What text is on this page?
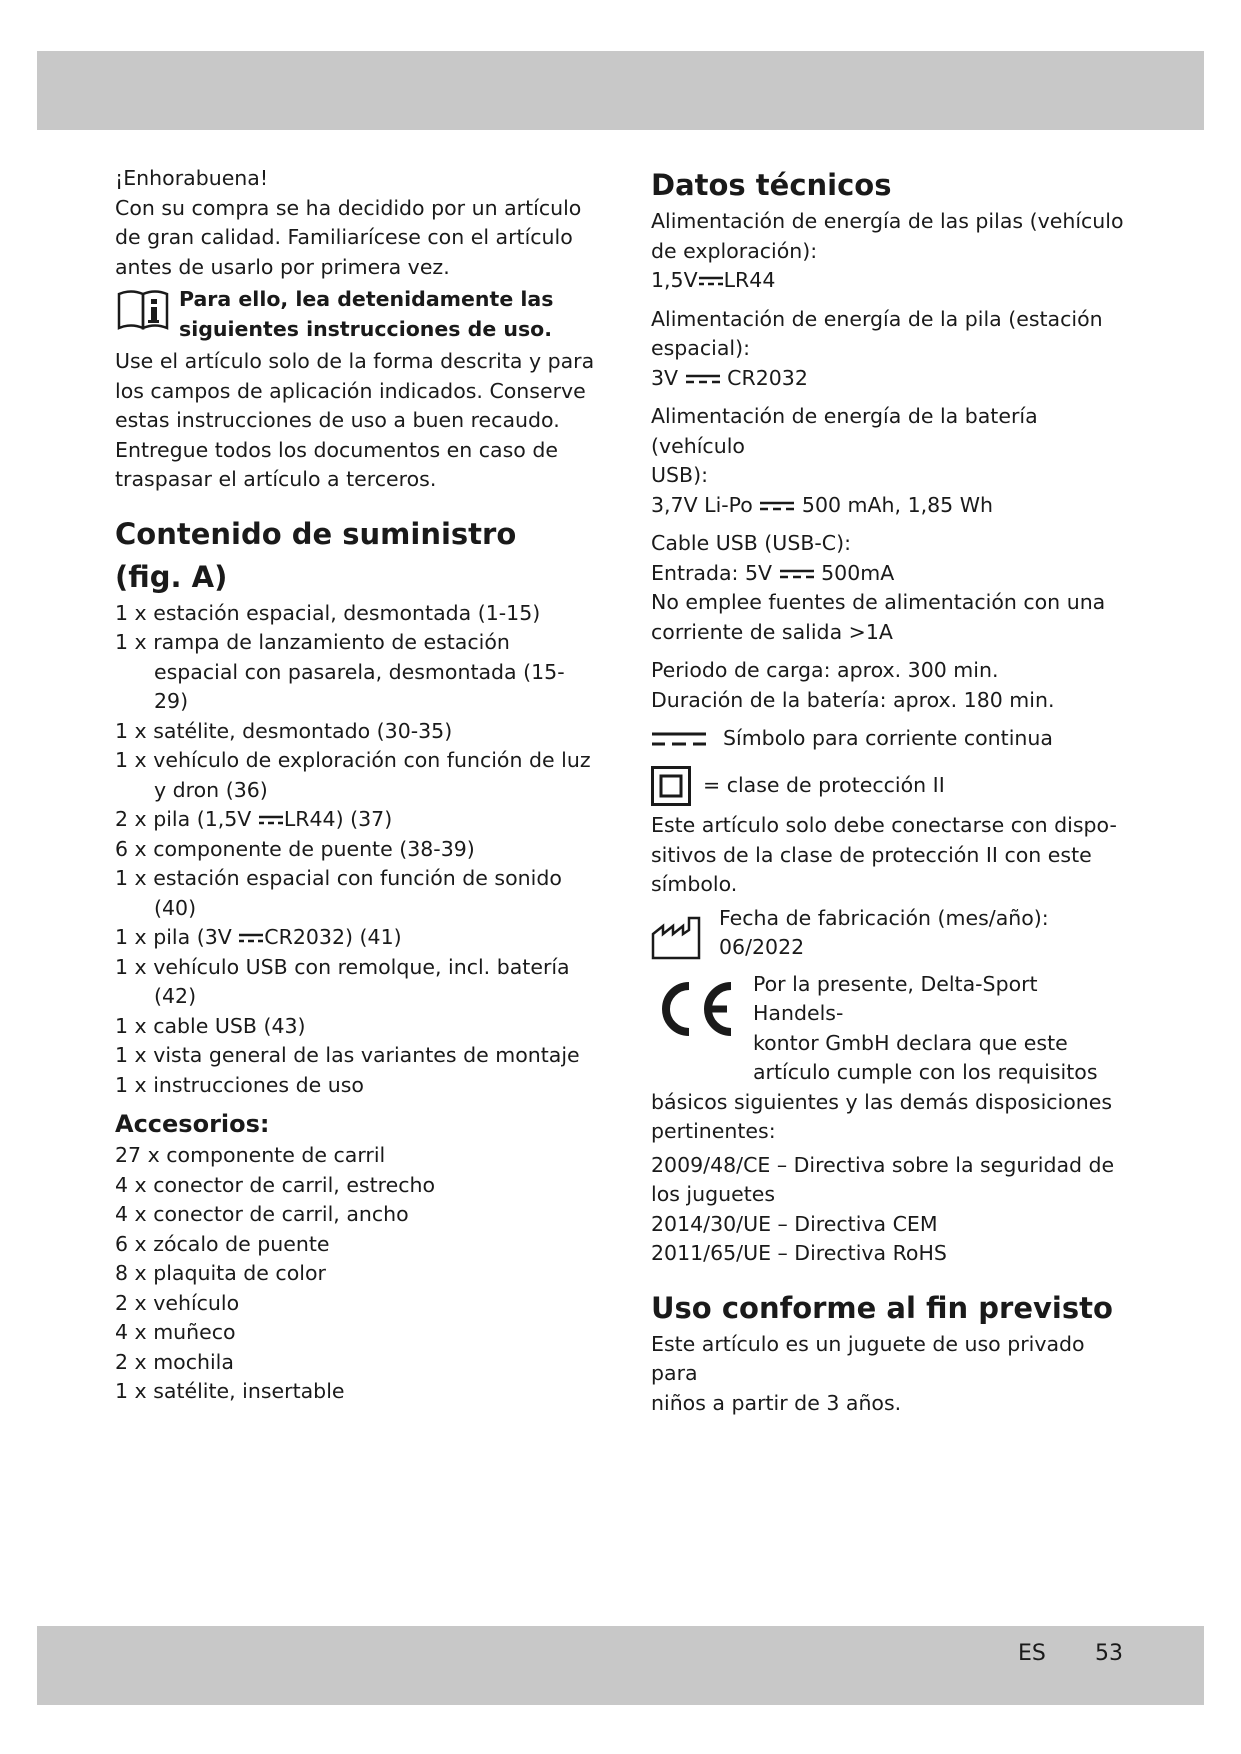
¡Enhorabuena!

Con su compra se ha decidido por un artículo

de gran calidad. Familiarícese con el artículo

antes de usarlo por primera vez.

Para ello, lea detenidamente las
siguientes instrucciones de uso.

Use el artículo solo de la forma descrita y para

los campos de aplicación indicados. Conserve

estas instrucciones de uso a buen recaudo.

Entregue todos los documentos en caso de

traspasar el artículo a terceros.

Contenido de suministro

(fig. A)

1 x estación espacial, desmontada (1-15)

1 x rampa de lanzamiento de estación espacial con pasarela, desmontada (15-29)

1 x satélite, desmontado (30-35)

1 x vehículo de exploración con función de luz y dron (36)

2 x pila (1,5V LR44) (37)

6 x componente de puente (38-39)

1 x estación espacial con función de sonido (40)

1 x pila (3V CR2032) (41)

1 x vehículo USB con remolque, incl. batería (42)

1 x cable USB (43)

1 x vista general de las variantes de montaje

1 x instrucciones de uso

Accesorios:

27 x componente de carril

4 x conector de carril, estrecho

4 x conector de carril, ancho

6 x zócalo de puente

8 x plaquita de color

2 x vehículo

4 x muñeco

2 x mochila

1 x satélite, insertable

Datos técnicos

Alimentación de energía de las pilas (vehículo

de exploración):

1,5V LR44

Alimentación de energía de la pila (estación

espacial):

3V CR2032

Alimentación de energía de la batería (vehículo

USB):

3,7V Li-Po 500 mAh, 1,85 Wh

Cable USB (USB-C):

Entrada: 5V 500mA

No emplee fuentes de alimentación con una

corriente de salida >1A

Periodo de carga: aprox. 300 min.

Duración de la batería: aprox. 180 min.

Símbolo para corriente continua
= clase de protección II

Este artículo solo debe conectarse con dispo-

sitivos de la clase de protección II con este

símbolo.

Fecha de fabricación (mes/año):

06/2022

Por la presente, Delta-Sport Handels-

kontor GmbH declara que este

artículo cumple con los requisitos

básicos siguientes y las demás disposiciones

pertinentes:

2009/48/CE – Directiva sobre la seguridad de

los juguetes

2014/30/UE – Directiva CEM

2011/65/UE – Directiva RoHS

Uso conforme al fin previsto

Este artículo es un juguete de uso privado para

niños a partir de 3 años.

ES 53
